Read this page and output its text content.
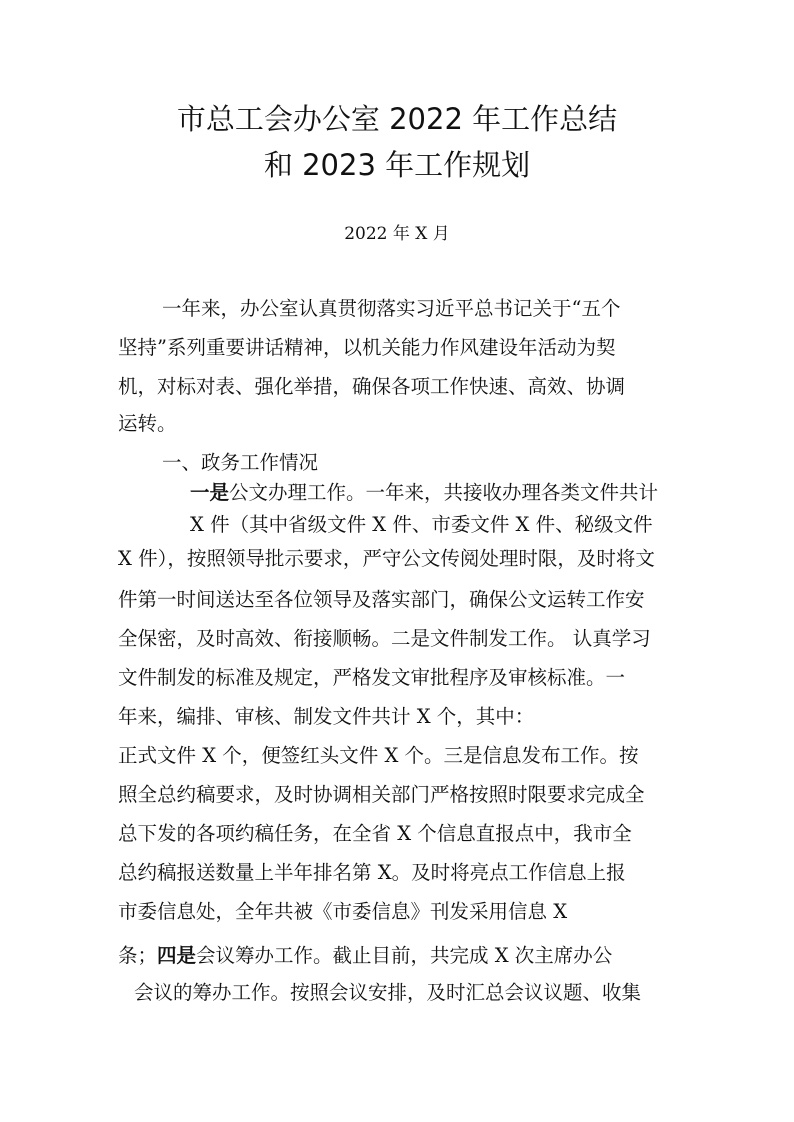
市总工会办公室 2022 年工作总结
和 2023 年工作规划
2022 年 X 月
一年来，办公室认真贯彻落实习近平总书记关于“五个
坚持”系列重要讲话精神，以机关能力作风建设年活动为契
机，对标对表、强化举措，确保各项工作快速、高效、协调
运转。
一、政务工作情况
一是公文办理工作。一年来，共接收办理各类文件共计
X 件（其中省级文件 X 件、市委文件 X 件、秘级文件
X 件），按照领导批示要求，严守公文传阅处理时限，及时将文
件第一时间送达至各位领导及落实部门，确保公文运转工作安
全保密，及时高效、衔接顺畅。二是文件制发工作。 认真学习
文件制发的标准及规定，严格发文审批程序及审核标准。一
年来，编排、审核、制发文件共计 X 个，其中：
正式文件 X 个，便签红头文件 X 个。三是信息发布工作。按
照全总约稿要求，及时协调相关部门严格按照时限要求完成全
总下发的各项约稿任务，在全省 X 个信息直报点中，我市全
总约稿报送数量上半年排名第 X。及时将亮点工作信息上报
市委信息处，全年共被《市委信息》刊发采用信息 X
条；四是会议筹办工作。截止目前，共完成 X 次主席办公
会议的筹办工作。按照会议安排，及时汇总会议议题、收集
